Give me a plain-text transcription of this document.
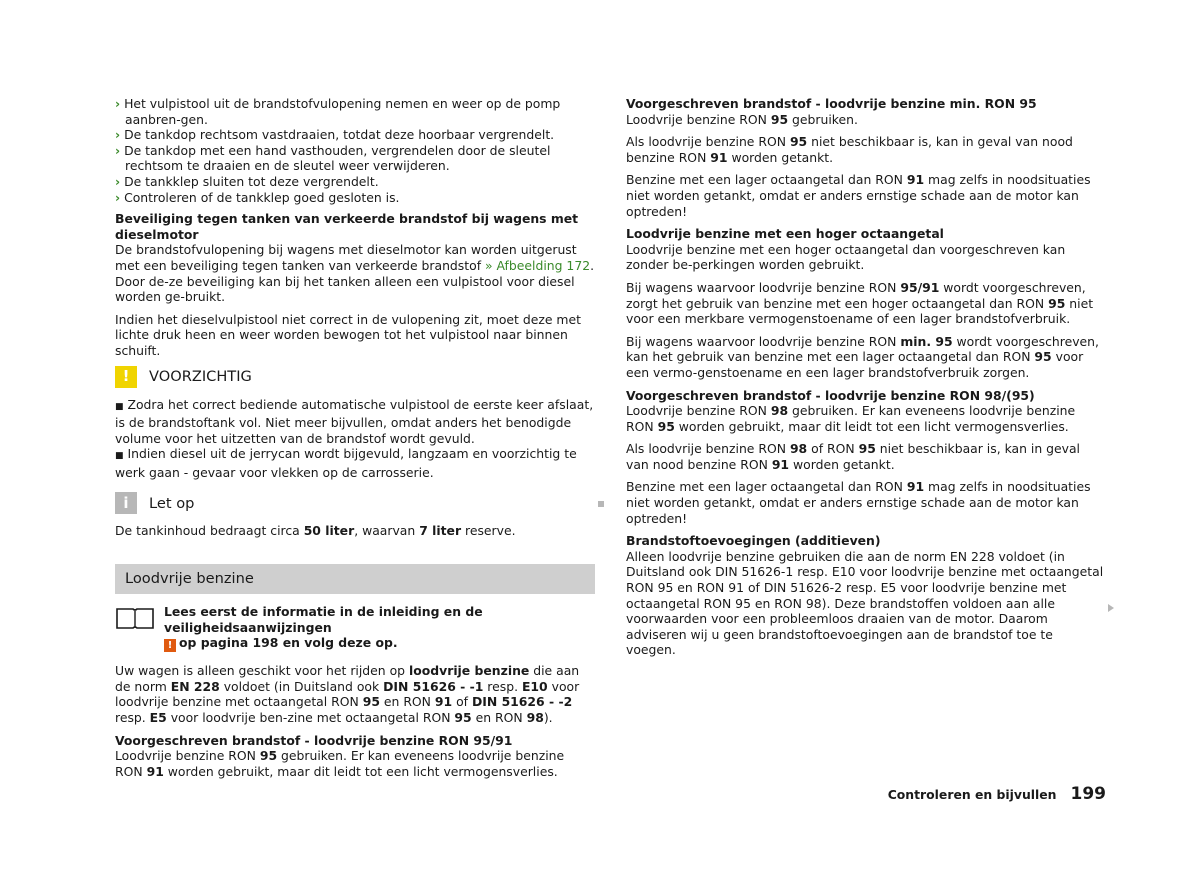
› Het vulpistool uit de brandstofvulopening nemen en weer op de pomp aanbren-gen.
› De tankdop rechtsom vastdraaien, totdat deze hoorbaar vergrendelt.
› De tankdop met een hand vasthouden, vergrendelen door de sleutel rechtsom te draaien en de sleutel weer verwijderen.
› De tankklep sluiten tot deze vergrendelt.
› Controleren of de tankklep goed gesloten is.

Beveiliging tegen tanken van verkeerde brandstof bij wagens met dieselmotor
De brandstofvulopening bij wagens met dieselmotor kan worden uitgerust met een beveiliging tegen tanken van verkeerde brandstof » Afbeelding 172. Door de-ze beveiliging kan bij het tanken alleen een vulpistool voor diesel worden ge-bruikt.

Indien het dieselvulpistool niet correct in de vulopening zit, moet deze met lichte druk heen en weer worden bewogen tot het vulpistool naar binnen schuift.

!	VOORZICHTIG

■ Zodra het correct bediende automatische vulpistool de eerste keer afslaat, is de brandstoftank vol. Niet meer bijvullen, omdat anders het benodigde volume voor het uitzetten van de brandstof wordt gevuld.
■ Indien diesel uit de jerrycan wordt bijgevuld, langzaam en voorzichtig te werk gaan - gevaar voor vlekken op de carrosserie.

i	Let op

De tankinhoud bedraagt circa 50 liter, waarvan 7 liter reserve.

Loodvrije benzine
Lees eerst de informatie in de inleiding en de veiligheidsaanwijzingen
! op pagina 198 en volg deze op.

Uw wagen is alleen geschikt voor het rijden op loodvrije benzine die aan de norm EN 228 voldoet (in Duitsland ook DIN 51626 - -1 resp. E10 voor loodvrije benzine met octaangetal RON 95 en RON 91 of DIN 51626 - -2 resp. E5 voor loodvrije ben-zine met octaangetal RON 95 en RON 98).

Voorgeschreven brandstof - loodvrije benzine RON 95/91
Loodvrije benzine RON 95 gebruiken. Er kan eveneens loodvrije benzine RON 91 worden gebruikt, maar dit leidt tot een licht vermogensverlies.

Voorgeschreven brandstof - loodvrije benzine min. RON 95
Loodvrije benzine RON 95 gebruiken.

Als loodvrije benzine RON 95 niet beschikbaar is, kan in geval van nood benzine RON 91 worden getankt.

Benzine met een lager octaangetal dan RON 91 mag zelfs in noodsituaties niet worden getankt, omdat er anders ernstige schade aan de motor kan optreden!

Loodvrije benzine met een hoger octaangetal
Loodvrije benzine met een hoger octaangetal dan voorgeschreven kan zonder be-perkingen worden gebruikt.

Bij wagens waarvoor loodvrije benzine RON 95/91 wordt voorgeschreven, zorgt het gebruik van benzine met een hoger octaangetal dan RON 95 niet voor een merkbare vermogenstoename of een lager brandstofverbruik.

Bij wagens waarvoor loodvrije benzine RON min. 95 wordt voorgeschreven, kan het gebruik van benzine met een lager octaangetal dan RON 95 voor een vermo-genstoename en een lager brandstofverbruik zorgen.

Voorgeschreven brandstof - loodvrije benzine RON 98/(95)
Loodvrije benzine RON 98 gebruiken. Er kan eveneens loodvrije benzine RON 95 worden gebruikt, maar dit leidt tot een licht vermogensverlies.

Als loodvrije benzine RON 98 of RON 95 niet beschikbaar is, kan in geval van nood benzine RON 91 worden getankt.

Benzine met een lager octaangetal dan RON 91 mag zelfs in noodsituaties niet worden getankt, omdat er anders ernstige schade aan de motor kan optreden!

Brandstoftoevoegingen (additieven)
Alleen loodvrije benzine gebruiken die aan de norm EN 228 voldoet (in Duitsland ook DIN 51626-1 resp. E10 voor loodvrije benzine met octaangetal RON 95 en RON 91 of DIN 51626-2 resp. E5 voor loodvrije benzine met octaangetal RON 95 en RON 98). Deze brandstoffen voldoen aan alle voorwaarden voor een probleemloos draaien van de motor. Daarom adviseren wij u geen brandstoftoevoegingen aan de brandstof toe te voegen.

Controleren en bijvullen 199
